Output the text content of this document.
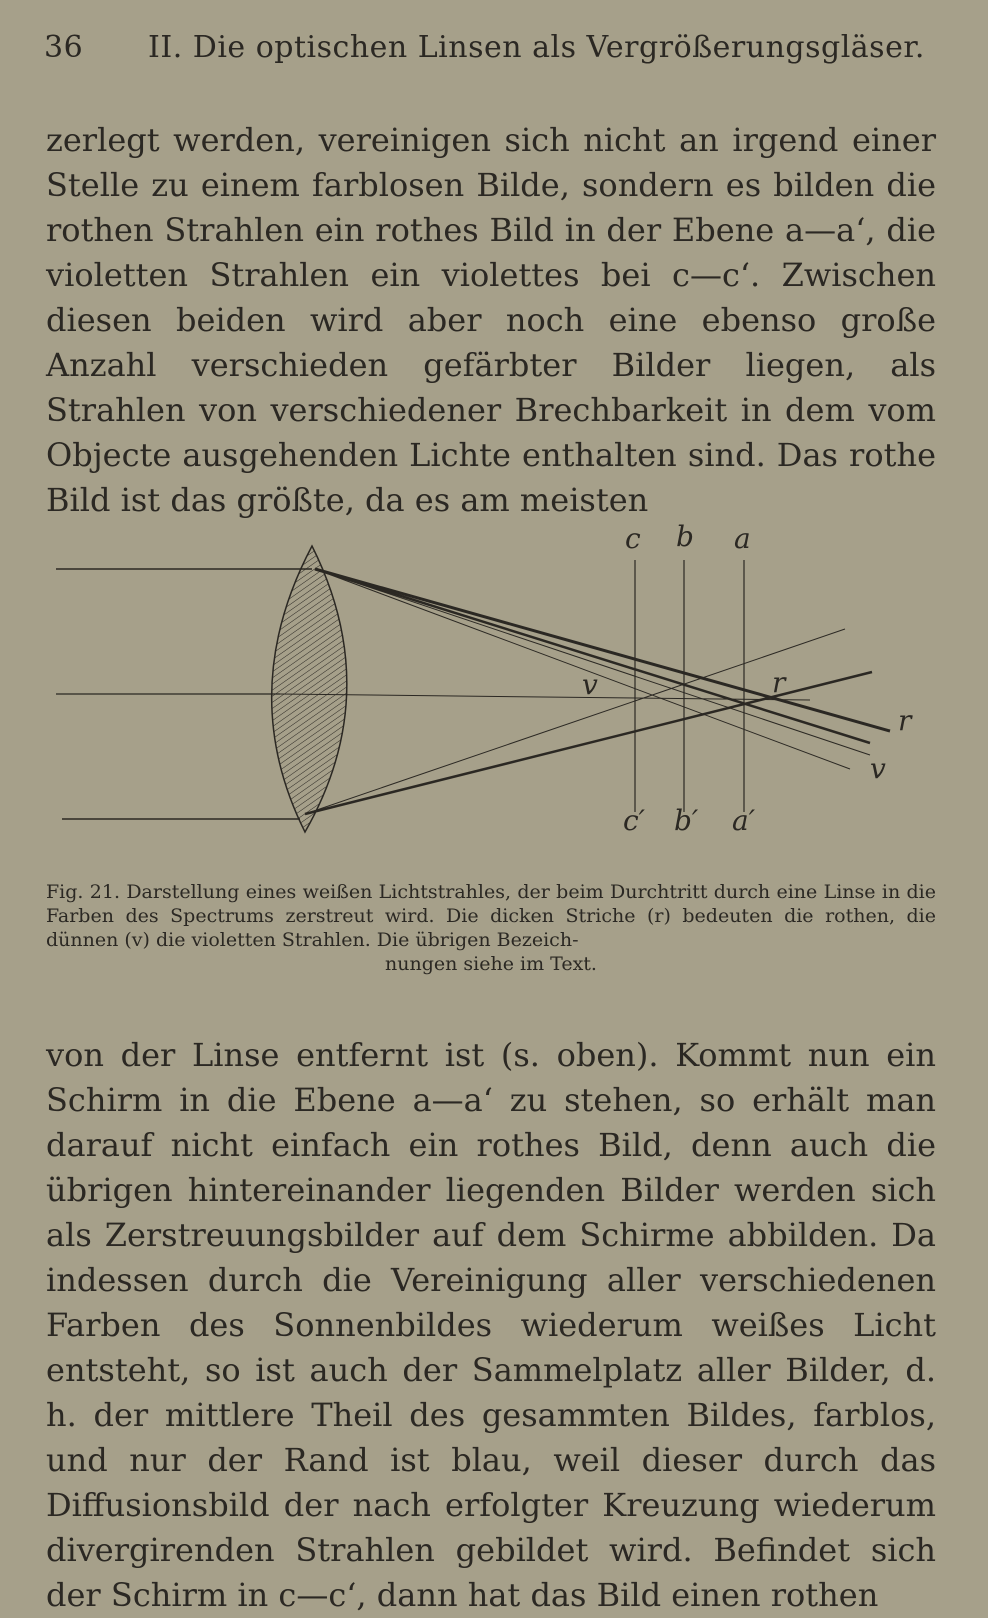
36 II. Die optischen Linsen als Vergrößerungsgläser.
zerlegt werden, vereinigen sich nicht an irgend einer Stelle zu einem farblosen Bilde, sondern es bilden die rothen Strahlen ein rothes Bild in der Ebene a—a‘, die violetten Strahlen ein violettes bei c—c‘. Zwischen diesen beiden wird aber noch eine ebenso große Anzahl verschieden gefärbter Bilder liegen, als Strahlen von verschiedener Brechbarkeit in dem vom Objecte ausgehenden Lichte enthalten sind. Das rothe Bild ist das größte, da es am meisten
c b a
c′ b′ a′
v	r
r
v
Fig. 21. Darstellung eines weißen Lichtstrahles, der beim Durchtritt durch eine Linse in die Farben des Spectrums zerstreut wird. Die dicken Striche (r) bedeuten die rothen, die dünnen (v) die violetten Strahlen. Die übrigen Bezeich-
nungen siehe im Text.
von der Linse entfernt ist (s. oben). Kommt nun ein Schirm in die Ebene a—a‘ zu stehen, so erhält man darauf nicht einfach ein rothes Bild, denn auch die übrigen hintereinander liegenden Bilder werden sich als Zerstreuungsbilder auf dem Schirme abbilden. Da indessen durch die Vereinigung aller verschiedenen Farben des Sonnenbildes wiederum weißes Licht entsteht, so ist auch der Sammelplatz aller Bilder, d. h. der mittlere Theil des gesammten Bildes, farblos, und nur der Rand ist blau, weil dieser durch das Diffusionsbild der nach erfolgter Kreuzung wiederum divergirenden Strahlen gebildet wird. Befindet sich der Schirm in c—c‘, dann hat das Bild einen rothen
